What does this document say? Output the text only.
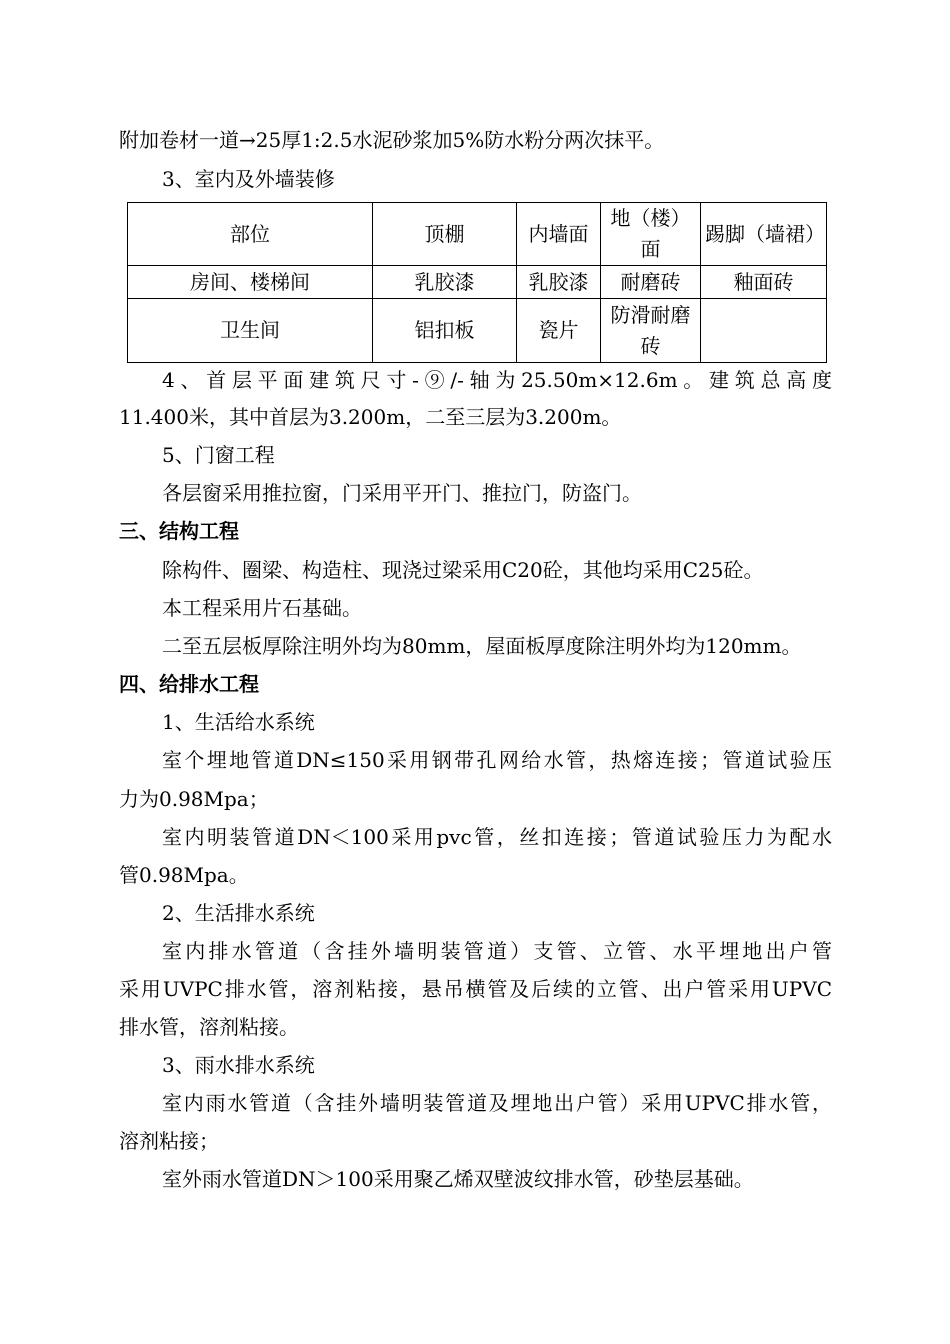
附加卷材一道→25厚1:2.5水泥砂浆加5%防水粉分两次抹平。
3、室内及外墙装修
部位	顶棚	内墙面	地（楼）面	踢脚（墙裙）
房间、楼梯间	乳胶漆	乳胶漆	耐磨砖	釉面砖
卫生间	铝扣板	瓷片	防滑耐磨砖	
4、首层平面建筑尺寸-⑨/-轴为25.50m×12.6m。建筑总高度
11.400米，其中首层为3.200m，二至三层为3.200m。
5、门窗工程
各层窗采用推拉窗，门采用平开门、推拉门，防盗门。
三、结构工程
除构件、圈梁、构造柱、现浇过梁采用C20砼，其他均采用C25砼。
本工程采用片石基础。
二至五层板厚除注明外均为80mm，屋面板厚度除注明外均为120mm。
四、给排水工程
1、生活给水系统
室个埋地管道DN≤150采用钢带孔网给水管，热熔连接；管道试验压
力为0.98Mpa；
室内明装管道DN＜100采用pvc管，丝扣连接；管道试验压力为配水
管0.98Mpa。
2、生活排水系统
室内排水管道（含挂外墙明装管道）支管、立管、水平埋地出户管
采用UVPC排水管，溶剂粘接，悬吊横管及后续的立管、出户管采用UPVC
排水管，溶剂粘接。
3、雨水排水系统
室内雨水管道（含挂外墙明装管道及埋地出户管）采用UPVC排水管，
溶剂粘接；
室外雨水管道DN＞100采用聚乙烯双壁波纹排水管，砂垫层基础。
